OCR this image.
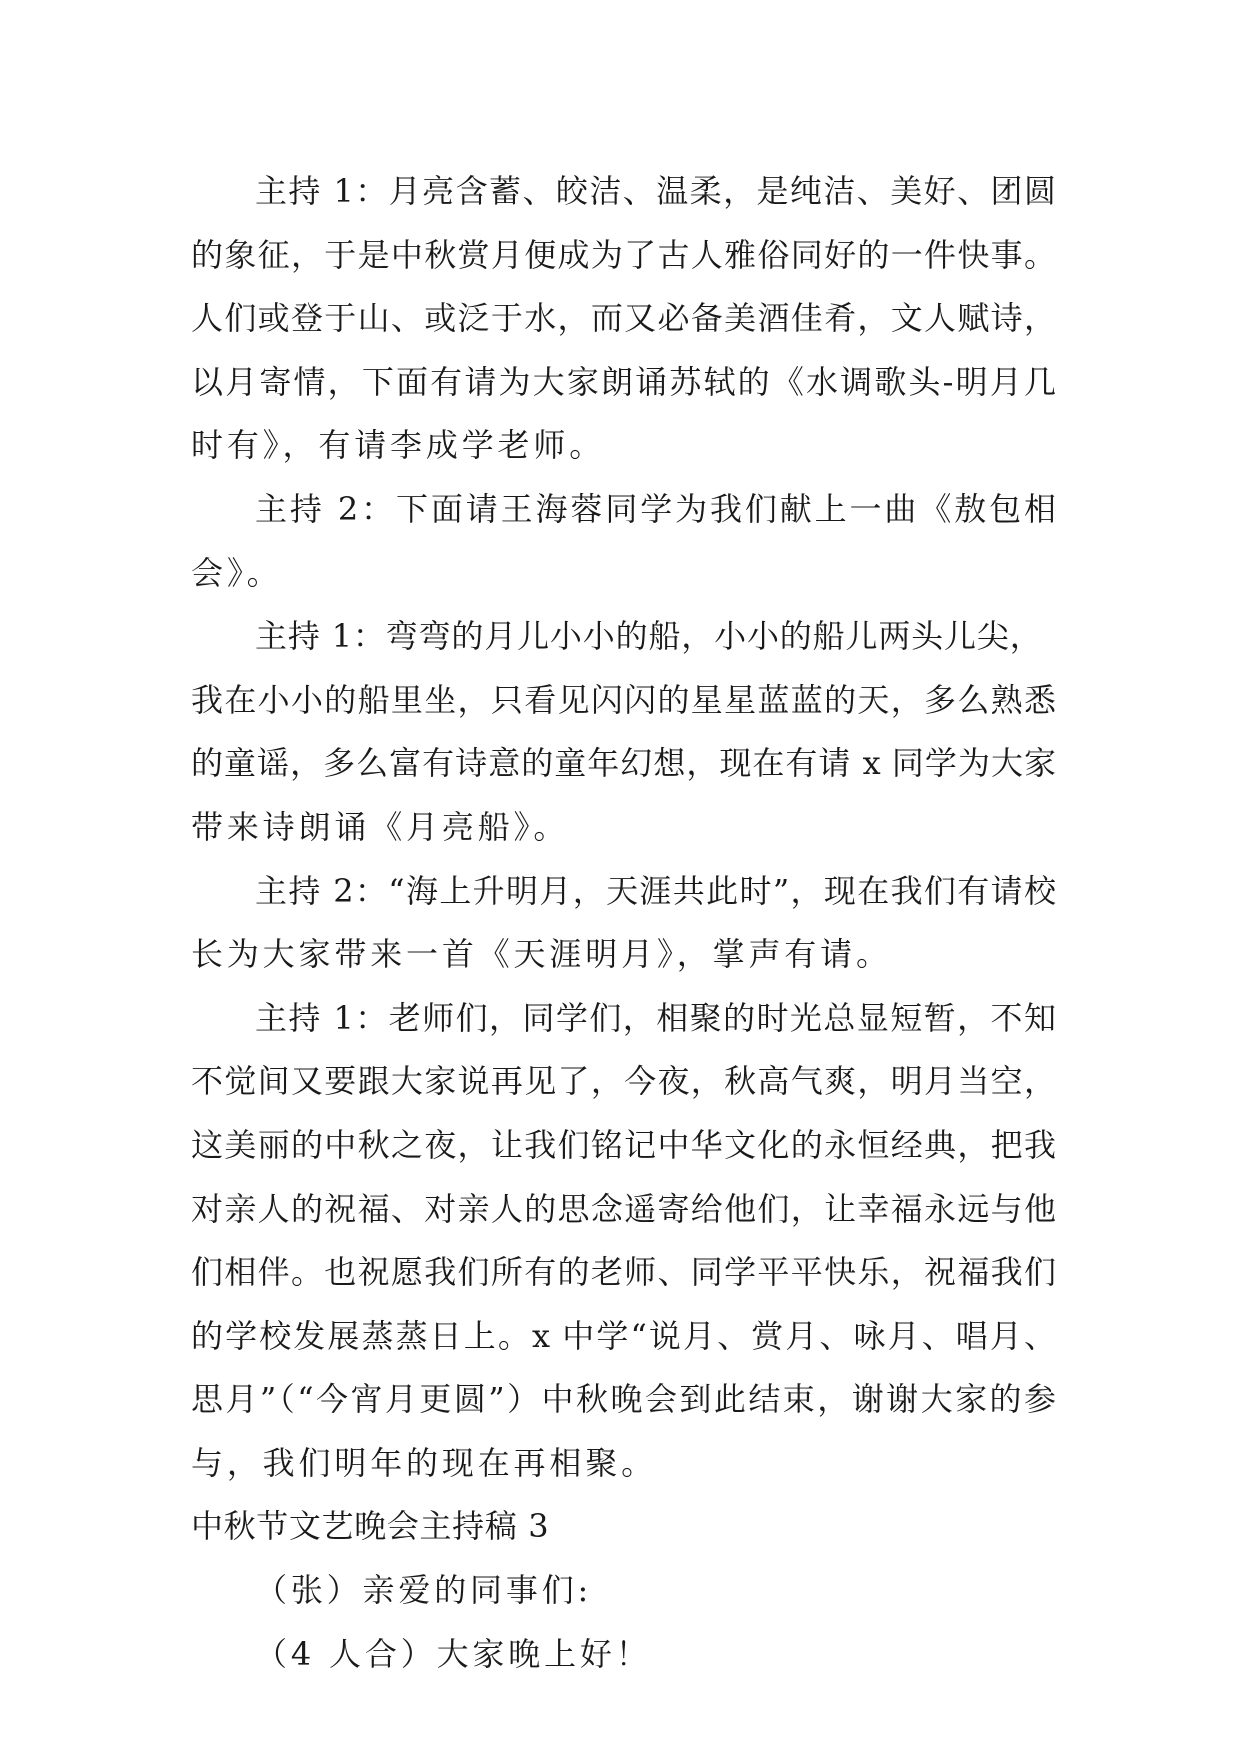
主持 1：月亮含蓄、皎洁、温柔，是纯洁、美好、团圆
的象征，于是中秋赏月便成为了古人雅俗同好的一件快事。
人们或登于山、或泛于水，而又必备美酒佳肴，文人赋诗，
以月寄情，下面有请为大家朗诵苏轼的《水调歌头-明月几
时有》，有请李成学老师。
主持 2：下面请王海蓉同学为我们献上一曲《敖包相
会》。
主持 1：弯弯的月儿小小的船，小小的船儿两头儿尖，
我在小小的船里坐，只看见闪闪的星星蓝蓝的天，多么熟悉
的童谣，多么富有诗意的童年幻想，现在有请 x 同学为大家
带来诗朗诵《月亮船》。
主持 2：“海上升明月，天涯共此时”，现在我们有请校
长为大家带来一首《天涯明月》，掌声有请。
主持 1：老师们，同学们，相聚的时光总显短暂，不知
不觉间又要跟大家说再见了，今夜，秋高气爽，明月当空，
这美丽的中秋之夜，让我们铭记中华文化的永恒经典，把我
对亲人的祝福、对亲人的思念遥寄给他们，让幸福永远与他
们相伴。也祝愿我们所有的老师、同学平平快乐，祝福我们
的学校发展蒸蒸日上。x 中学“说月、赏月、咏月、唱月、
思月”（“今宵月更圆”）中秋晚会到此结束，谢谢大家的参
与，我们明年的现在再相聚。
中秋节文艺晚会主持稿 3
（张）亲爱的同事们:
（4 人合）大家晚上好！
